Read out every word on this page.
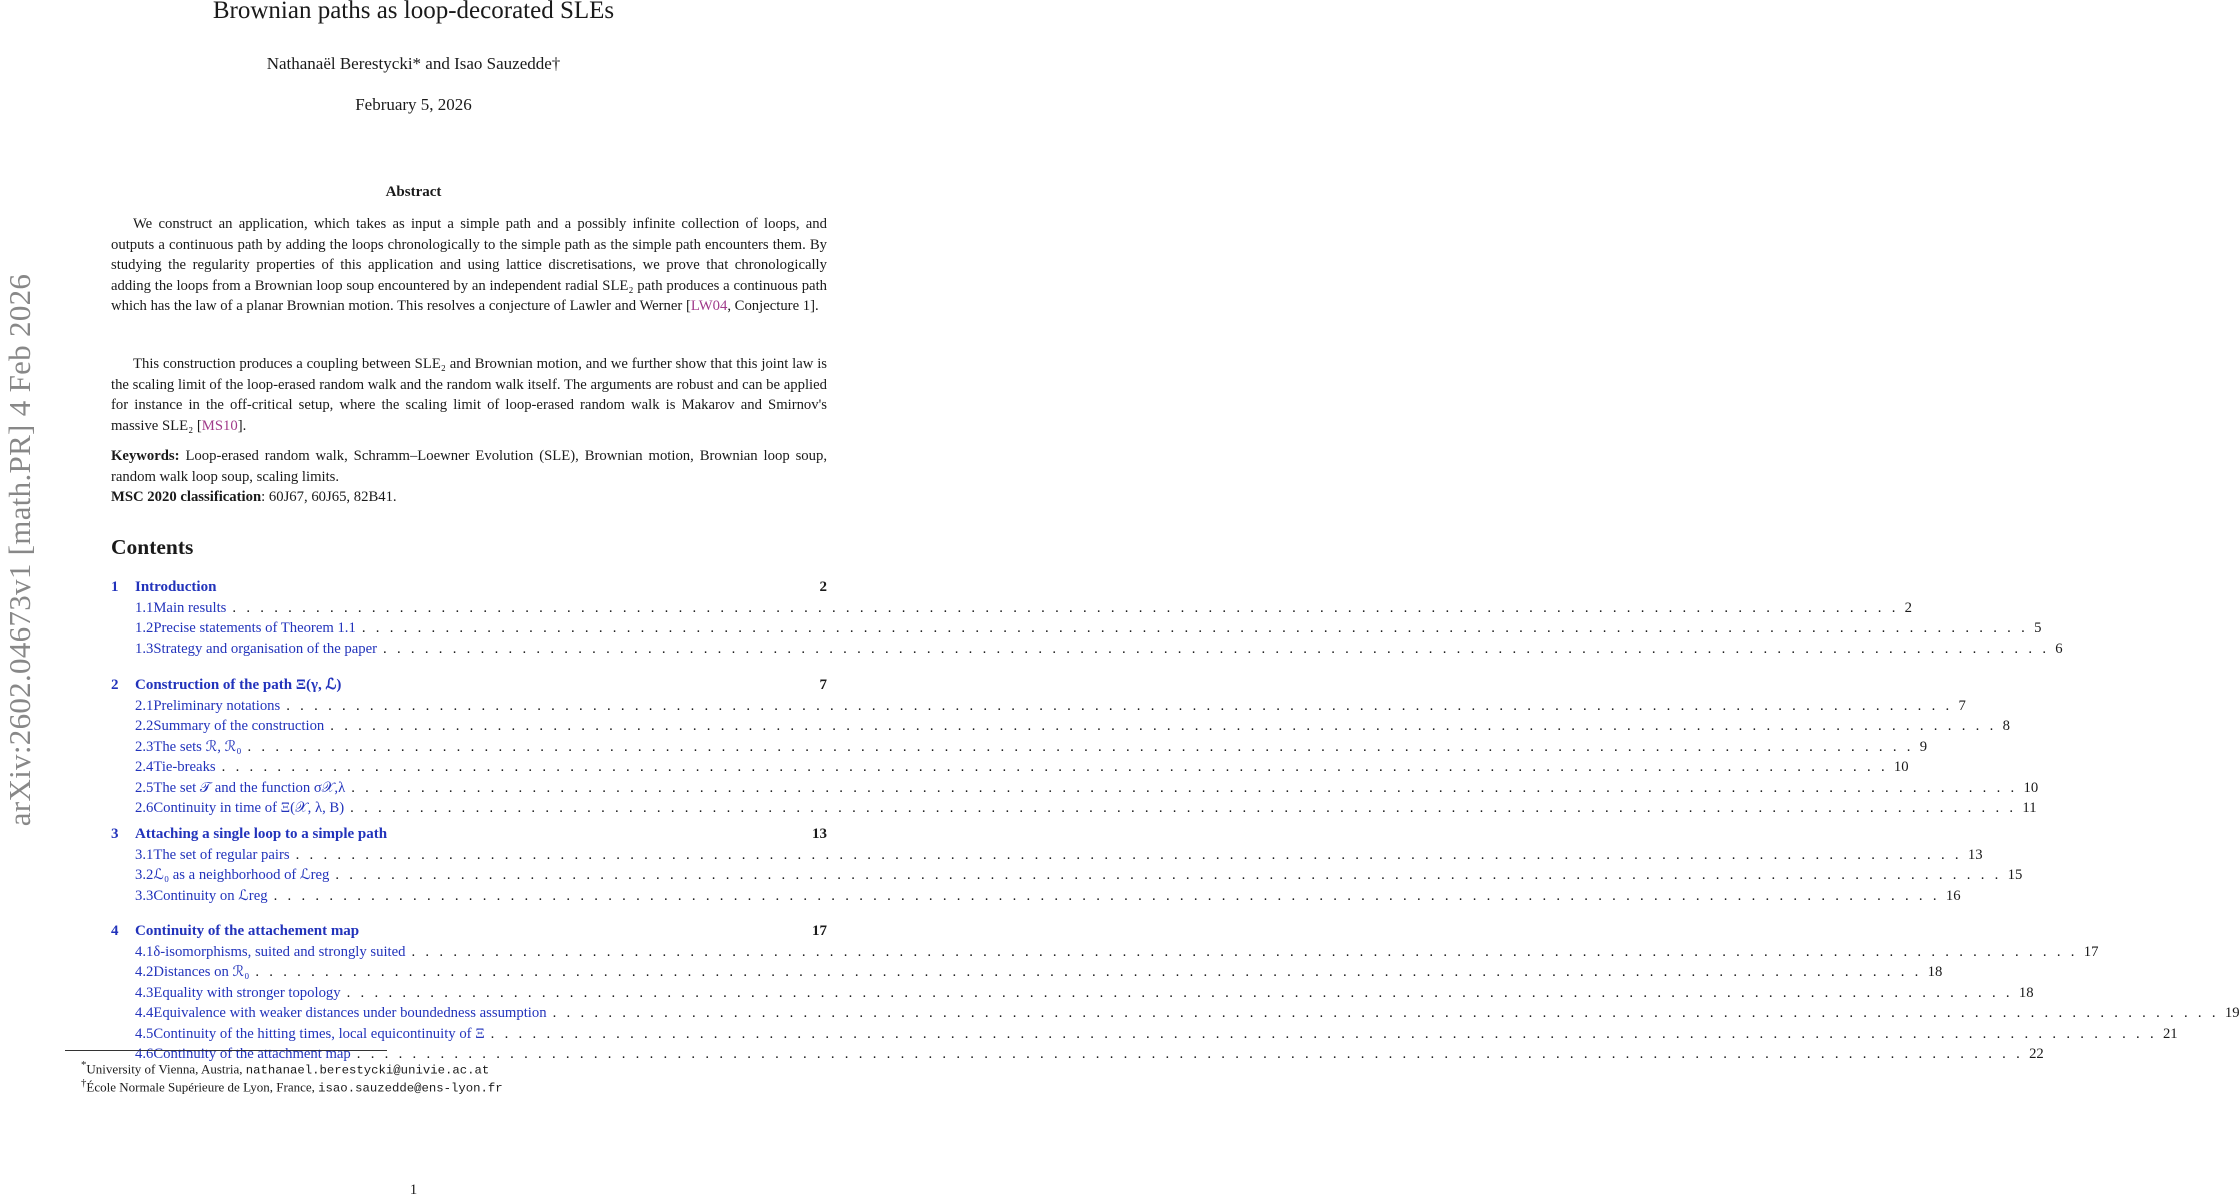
arXiv:2602.04673v1 [math.PR] 4 Feb 2026
Brownian paths as loop-decorated SLEs
Nathanaël Berestycki* and Isao Sauzedde†
February 5, 2026
Abstract

We construct an application, which takes as input a simple path and a possibly infinite collection of loops, and outputs a continuous path by adding the loops chronologically to the simple path as the simple path encounters them. By studying the regularity properties of this application and using lattice discretisations, we prove that chronologically adding the loops from a Brownian loop soup encountered by an independent radial SLE₂ path produces a continuous path which has the law of a planar Brownian motion. This resolves a conjecture of Lawler and Werner [LW04, Conjecture 1].

This construction produces a coupling between SLE₂ and Brownian motion, and we further show that this joint law is the scaling limit of the loop-erased random walk and the random walk itself. The arguments are robust and can be applied for instance in the off-critical setup, where the scaling limit of loop-erased random walk is Makarov and Smirnov's massive SLE₂ [MS10].

Keywords: Loop-erased random walk, Schramm–Loewner Evolution (SLE), Brownian motion, Brownian loop soup, random walk loop soup, scaling limits.
MSC 2020 classification: 60J67, 60J65, 82B41.
Contents
1	Introduction	2
1.1 Main results . . . . . . . . . . . . . . . . . . . . . . . . . . . . . . . . . . . . . . . . . . . . . . . . . . . . . . . . . . . . . . . . . . . . . . . . . . . . . . . . . . . . . . . . . . . . . . . . . . . . . . . . . . . . . . . . . . . . . . . . 2
1.2 Precise statements of Theorem 1.1 . . . . . . . . . . . . . . . . . . . . . . . . . . . . . . . . . . . . . . . . . . . . . . . . . . . . . . . . . . . . . . . . . . . . . . . . . . . . . . . . . . . . . . . . . . . . . . . . . . . . . . . . . . . . . . . . . . . . . . . . 5
1.3 Strategy and organisation of the paper . . . . . . . . . . . . . . . . . . . . . . . . . . . . . . . . . . . . . . . . . . . . . . . . . . . . . . . . . . . . . . . . . . . . . . . . . . . . . . . . . . . . . . . . . . . . . . . . . . . . . . . . . . . . . . . . . . . . . . . . 6
2	Construction of the path Ξ(γ, ℒ)	7
2.1 Preliminary notations . . . . . . . . . . . . . . . . . . . . . . . . . . . . . . . . . . . . . . . . . . . . . . . . . . . . . . . . . . . . . . . . . . . . . . . . . . . . . . . . . . . . . . . . . . . . . . . . . . . . . . . . . . . . . . . . . . . . . . . . 7
2.2 Summary of the construction . . . . . . . . . . . . . . . . . . . . . . . . . . . . . . . . . . . . . . . . . . . . . . . . . . . . . . . . . . . . . . . . . . . . . . . . . . . . . . . . . . . . . . . . . . . . . . . . . . . . . . . . . . . . . . . . . . . . . . . . 8
2.3 The sets ℛ, ℛ₀ . . . . . . . . . . . . . . . . . . . . . . . . . . . . . . . . . . . . . . . . . . . . . . . . . . . . . . . . . . . . . . . . . . . . . . . . . . . . . . . . . . . . . . . . . . . . . . . . . . . . . . . . . . . . . . . . . . . . . . . . 9
2.4 Tie-breaks . . . . . . . . . . . . . . . . . . . . . . . . . . . . . . . . . . . . . . . . . . . . . . . . . . . . . . . . . . . . . . . . . . . . . . . . . . . . . . . . . . . . . . . . . . . . . . . . . . . . . . . . . . . . . . . . . . . . . . . . 10
2.5 The set 𝒯 and the function σ𝒳,λ . . . . . . . . . . . . . . . . . . . . . . . . . . . . . . . . . . . . . . . . . . . . . . . . . . . . . . . . . . . . . . . . . . . . . . . . . . . . . . . . . . . . . . . . . . . . . . . . . . . . . . . . . . . . . . . . . . . . . . . . 10
2.6 Continuity in time of Ξ(𝒳, λ, B) . . . . . . . . . . . . . . . . . . . . . . . . . . . . . . . . . . . . . . . . . . . . . . . . . . . . . . . . . . . . . . . . . . . . . . . . . . . . . . . . . . . . . . . . . . . . . . . . . . . . . . . . . . . . . . . . . . . . . . . . 11
3	Attaching a single loop to a simple path	13
3.1 The set of regular pairs . . . . . . . . . . . . . . . . . . . . . . . . . . . . . . . . . . . . . . . . . . . . . . . . . . . . . . . . . . . . . . . . . . . . . . . . . . . . . . . . . . . . . . . . . . . . . . . . . . . . . . . . . . . . . . . . . . . . . . . . 13
3.2 ℒ₀ as a neighborhood of ℒreg . . . . . . . . . . . . . . . . . . . . . . . . . . . . . . . . . . . . . . . . . . . . . . . . . . . . . . . . . . . . . . . . . . . . . . . . . . . . . . . . . . . . . . . . . . . . . . . . . . . . . . . . . . . . . . . . . . . . . . . . 15
3.3 Continuity on ℒreg . . . . . . . . . . . . . . . . . . . . . . . . . . . . . . . . . . . . . . . . . . . . . . . . . . . . . . . . . . . . . . . . . . . . . . . . . . . . . . . . . . . . . . . . . . . . . . . . . . . . . . . . . . . . . . . . . . . . . . . . 16
4	Continuity of the attachement map	17
4.1 δ-isomorphisms, suited and strongly suited . . . . . . . . . . . . . . . . . . . . . . . . . . . . . . . . . . . . . . . . . . . . . . . . . . . . . . . . . . . . . . . . . . . . . . . . . . . . . . . . . . . . . . . . . . . . . . . . . . . . . . . . . . . . . . . . . . . . . . . . 17
4.2 Distances on ℛ₀ . . . . . . . . . . . . . . . . . . . . . . . . . . . . . . . . . . . . . . . . . . . . . . . . . . . . . . . . . . . . . . . . . . . . . . . . . . . . . . . . . . . . . . . . . . . . . . . . . . . . . . . . . . . . . . . . . . . . . . . . 18
4.3 Equality with stronger topology . . . . . . . . . . . . . . . . . . . . . . . . . . . . . . . . . . . . . . . . . . . . . . . . . . . . . . . . . . . . . . . . . . . . . . . . . . . . . . . . . . . . . . . . . . . . . . . . . . . . . . . . . . . . . . . . . . . . . . . . 18
4.4 Equivalence with weaker distances under boundedness assumption . . . . . . . . . . . . . . . . . . . . . . . . . . . . . . . . . . . . . . . . . . . . . . . . . . . . . . . . . . . . . . . . . . . . . . . . . . . . . . . . . . . . . . . . . . . . . . . . . . . . . . . . . . . . . . . . . . . . . . . . 19
4.5 Continuity of the hitting times, local equicontinuity of Ξ . . . . . . . . . . . . . . . . . . . . . . . . . . . . . . . . . . . . . . . . . . . . . . . . . . . . . . . . . . . . . . . . . . . . . . . . . . . . . . . . . . . . . . . . . . . . . . . . . . . . . . . . . . . . . . . . . . . . . . . . 21
4.6 Continuity of the attachment map . . . . . . . . . . . . . . . . . . . . . . . . . . . . . . . . . . . . . . . . . . . . . . . . . . . . . . . . . . . . . . . . . . . . . . . . . . . . . . . . . . . . . . . . . . . . . . . . . . . . . . . . . . . . . . . . . . . . . . . . 22
*University of Vienna, Austria, nathanael.berestycki@univie.ac.at
†École Normale Supérieure de Lyon, France, isao.sauzedde@ens-lyon.fr
1
